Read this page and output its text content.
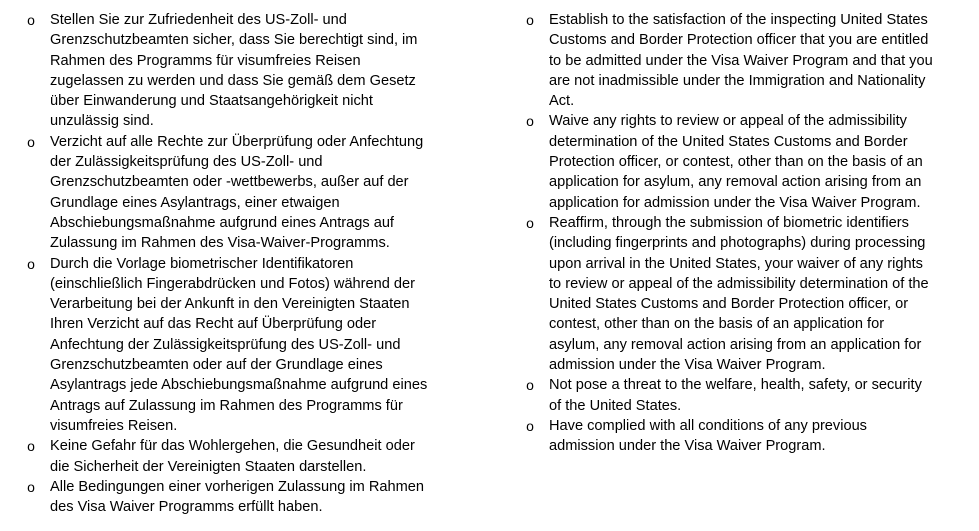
o Stellen Sie zur Zufriedenheit des US-Zoll- und
Grenzschutzbeamten sicher, dass Sie berechtigt sind, im
Rahmen des Programms für visumfreies Reisen
zugelassen zu werden und dass Sie gemäß dem Gesetz
über Einwanderung und Staatsangehörigkeit nicht
unzulässig sind.
o Verzicht auf alle Rechte zur Überprüfung oder Anfechtung
der Zulässigkeitsprüfung des US-Zoll- und
Grenzschutzbeamten oder -wettbewerbs, außer auf der
Grundlage eines Asylantrags, einer etwaigen
Abschiebungsmaßnahme aufgrund eines Antrags auf
Zulassung im Rahmen des Visa-Waiver-Programms.
o Durch die Vorlage biometrischer Identifikatoren
(einschließlich Fingerabdrücken und Fotos) während der
Verarbeitung bei der Ankunft in den Vereinigten Staaten
Ihren Verzicht auf das Recht auf Überprüfung oder
Anfechtung der Zulässigkeitsprüfung des US-Zoll- und
Grenzschutzbeamten oder auf der Grundlage eines
Asylantrags jede Abschiebungsmaßnahme aufgrund eines
Antrags auf Zulassung im Rahmen des Programms für
visumfreies Reisen.
o Keine Gefahr für das Wohlergehen, die Gesundheit oder
die Sicherheit der Vereinigten Staaten darstellen.
o Alle Bedingungen einer vorherigen Zulassung im Rahmen
des Visa Waiver Programms erfüllt haben.
o Establish to the satisfaction of the inspecting United States
Customs and Border Protection officer that you are entitled
to be admitted under the Visa Waiver Program and that you
are not inadmissible under the Immigration and Nationality
Act.
o Waive any rights to review or appeal of the admissibility
determination of the United States Customs and Border
Protection officer, or contest, other than on the basis of an
application for asylum, any removal action arising from an
application for admission under the Visa Waiver Program.
o Reaffirm, through the submission of biometric identifiers
(including fingerprints and photographs) during processing
upon arrival in the United States, your waiver of any rights
to review or appeal of the admissibility determination of the
United States Customs and Border Protection officer, or
contest, other than on the basis of an application for
asylum, any removal action arising from an application for
admission under the Visa Waiver Program.
o Not pose a threat to the welfare, health, safety, or security
of the United States.
o Have complied with all conditions of any previous
admission under the Visa Waiver Program.
